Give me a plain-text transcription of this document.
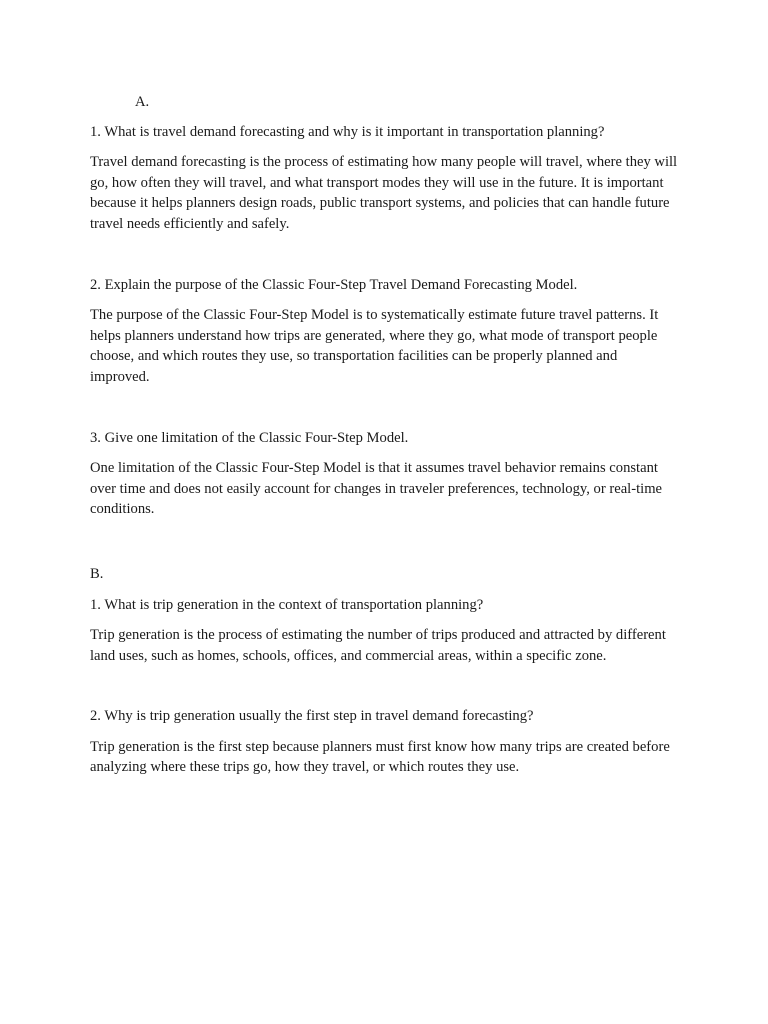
A.

1. What is travel demand forecasting and why is it important in transportation planning?

Travel demand forecasting is the process of estimating how many people will travel, where they will go, how often they will travel, and what transport modes they will use in the future. It is important because it helps planners design roads, public transport systems, and policies that can handle future travel needs efficiently and safely.

2. Explain the purpose of the Classic Four-Step Travel Demand Forecasting Model.

The purpose of the Classic Four-Step Model is to systematically estimate future travel patterns. It helps planners understand how trips are generated, where they go, what mode of transport people choose, and which routes they use, so transportation facilities can be properly planned and improved.

3. Give one limitation of the Classic Four-Step Model.

One limitation of the Classic Four-Step Model is that it assumes travel behavior remains constant over time and does not easily account for changes in traveler preferences, technology, or real-time conditions.

B.

1. What is trip generation in the context of transportation planning?

Trip generation is the process of estimating the number of trips produced and attracted by different land uses, such as homes, schools, offices, and commercial areas, within a specific zone.

2. Why is trip generation usually the first step in travel demand forecasting?

Trip generation is the first step because planners must first know how many trips are created before analyzing where these trips go, how they travel, or which routes they use.
